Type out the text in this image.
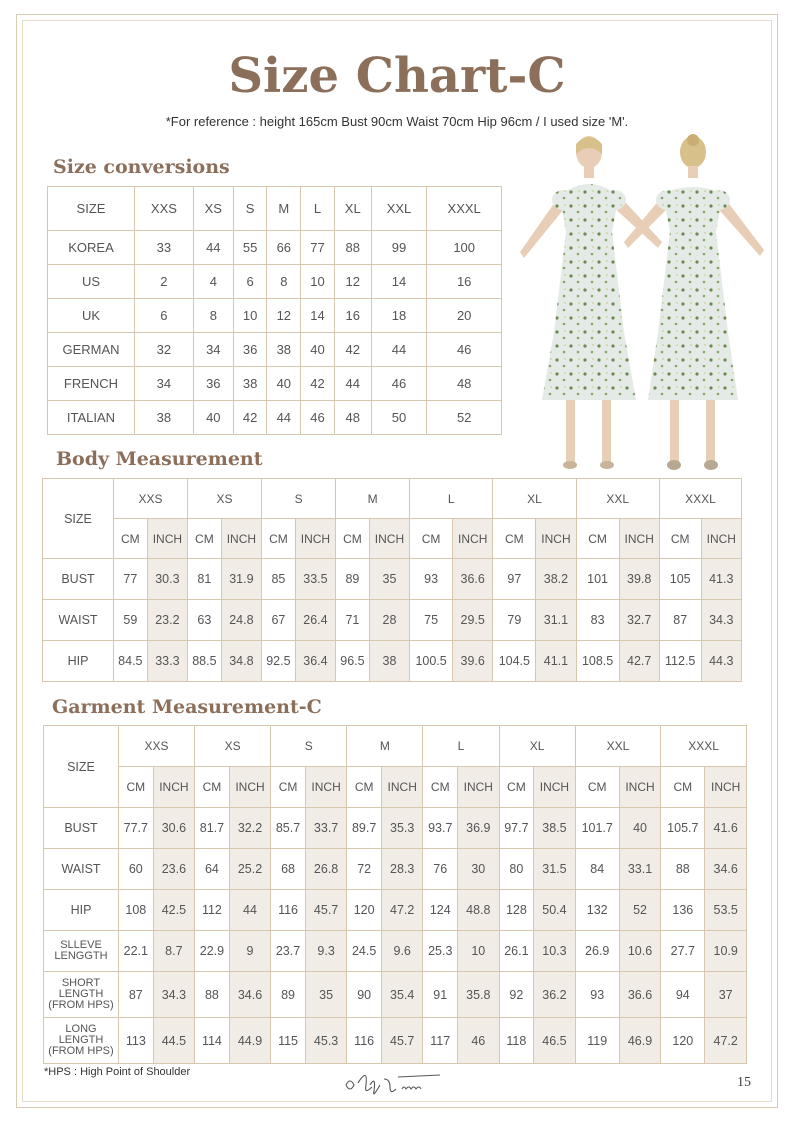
Size Chart-C
*For reference : height 165cm Bust 90cm Waist 70cm Hip 96cm / I used size 'M'.
Size conversions
SIZE	XXS	XS	S	M	L	XL	XXL	XXXL
KOREA	33	44	55	66	77	88	99	100
US	2	4	6	8	10	12	14	16
UK	6	8	10	12	14	16	18	20
GERMAN	32	34	36	38	40	42	44	46
FRENCH	34	36	38	40	42	44	46	48
ITALIAN	38	40	42	44	46	48	50	52
Body Measurement
SIZE	XXS		XS		S		M		L		XL		XXL		XXXL	
	CM	INCH	CM	INCH	CM	INCH	CM	INCH	CM	INCH	CM	INCH	CM	INCH	CM	INCH
BUST	77	30.3	81	31.9	85	33.5	89	35	93	36.6	97	38.2	101	39.8	105	41.3
WAIST	59	23.2	63	24.8	67	26.4	71	28	75	29.5	79	31.1	83	32.7	87	34.3
HIP	84.5	33.3	88.5	34.8	92.5	36.4	96.5	38	100.5	39.6	104.5	41.1	108.5	42.7	112.5	44.3
Garment Measurement-C
SIZE	XXS		XS		S		M		L		XL		XXL		XXXL	
	CM	INCH	CM	INCH	CM	INCH	CM	INCH	CM	INCH	CM	INCH	CM	INCH	CM	INCH
BUST	77.7	30.6	81.7	32.2	85.7	33.7	89.7	35.3	93.7	36.9	97.7	38.5	101.7	40	105.7	41.6
WAIST	60	23.6	64	25.2	68	26.8	72	28.3	76	30	80	31.5	84	33.1	88	34.6
HIP	108	42.5	112	44	116	45.7	120	47.2	124	48.8	128	50.4	132	52	136	53.5
SLLEVE
LENGGTH	22.1	8.7	22.9	9	23.7	9.3	24.5	9.6	25.3	10	26.1	10.3	26.9	10.6	27.7	10.9
SHORT
LENGTH
(FROM HPS)	87	34.3	88	34.6	89	35	90	35.4	91	35.8	92	36.2	93	36.6	94	37
LONG
LENGTH
(FROM HPS)	113	44.5	114	44.9	115	45.3	116	45.7	117	46	118	46.5	119	46.9	120	47.2
*HPS : High Point of Shoulder
15
